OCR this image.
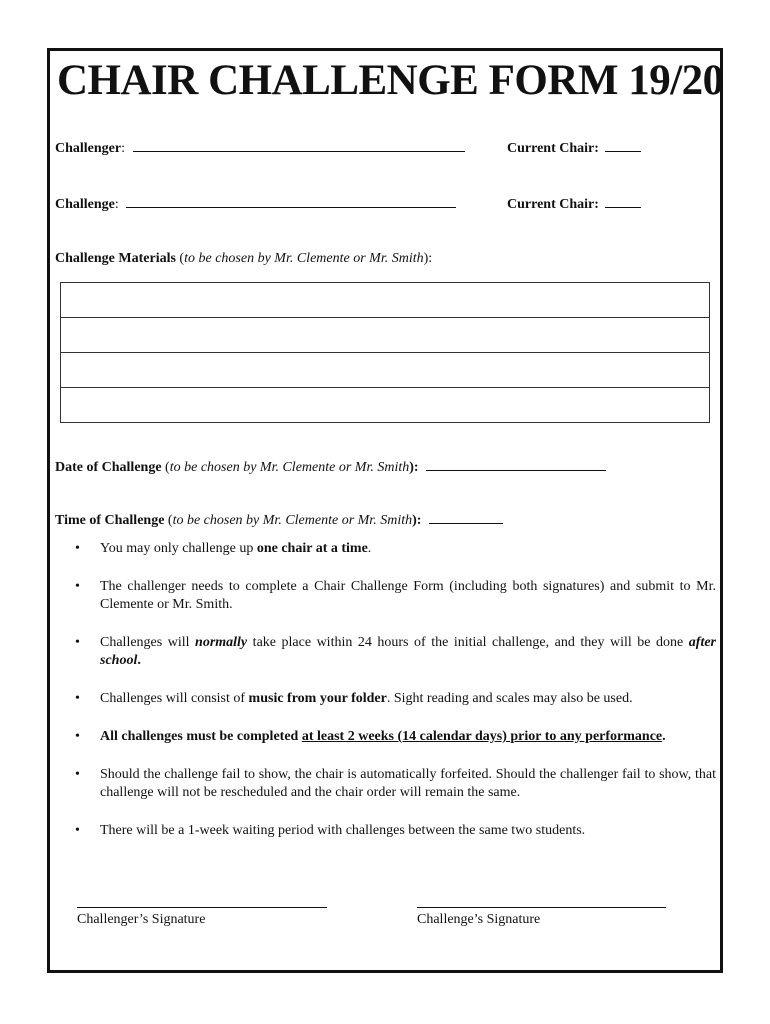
CHAIR CHALLENGE FORM 19/20
Challenger:	Current Chair:
Challenge:	Current Chair:
Challenge Materials (to be chosen by Mr. Clemente or Mr. Smith):

Date of Challenge (to be chosen by Mr. Clemente or Mr. Smith):
Time of Challenge (to be chosen by Mr. Clemente or Mr. Smith):
• You may only challenge up one chair at a time.
• The challenger needs to complete a Chair Challenge Form (including both signatures) and submit to Mr. Clemente or Mr. Smith.
• Challenges will normally take place within 24 hours of the initial challenge, and they will be done after school.
• Challenges will consist of music from your folder. Sight reading and scales may also be used.
• All challenges must be completed at least 2 weeks (14 calendar days) prior to any performance.
• Should the challenge fail to show, the chair is automatically forfeited. Should the challenger fail to show, that challenge will not be rescheduled and the chair order will remain the same.
• There will be a 1-week waiting period with challenges between the same two students.
Challenger’s Signature	Challenge’s Signature
